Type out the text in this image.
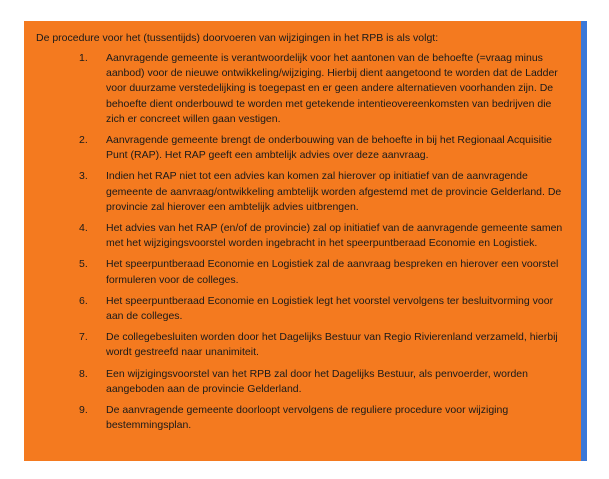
De procedure voor het (tussentijds) doorvoeren van wijzigingen in het RPB is als volgt:
1.	Aanvragende gemeente is verantwoordelijk voor het aantonen van de behoefte (=vraag minus aanbod) voor de nieuwe ontwikkeling/wijziging. Hierbij dient aangetoond te worden dat de Ladder voor duurzame verstedelijking is toegepast en er geen andere alternatieven voorhanden zijn. De behoefte dient onderbouwd te worden met getekende intentieovereenkomsten van bedrijven die zich er concreet willen gaan vestigen.
2.	Aanvragende gemeente brengt de onderbouwing van de behoefte in bij het Regionaal Acquisitie Punt (RAP). Het RAP geeft een ambtelijk advies over deze aanvraag.
3.	Indien het RAP niet tot een advies kan komen zal hierover op initiatief van de aanvragende gemeente de aanvraag/ontwikkeling ambtelijk worden afgestemd met de provincie Gelderland. De provincie zal hierover een ambtelijk advies uitbrengen.
4.	Het advies van het RAP (en/of de provincie) zal op initiatief van de aanvragende gemeente samen met het wijzigingsvoorstel worden ingebracht in het speerpuntberaad Economie en Logistiek.
5.	Het speerpuntberaad Economie en Logistiek zal de aanvraag bespreken en hierover een voorstel formuleren voor de colleges.
6.	Het speerpuntberaad Economie en Logistiek legt het voorstel vervolgens ter besluitvorming voor aan de colleges.
7.	De collegebesluiten worden door het Dagelijks Bestuur van Regio Rivierenland verzameld, hierbij wordt gestreefd naar unanimiteit.
8.	Een wijzigingsvoorstel van het RPB zal door het Dagelijks Bestuur, als penvoerder, worden aangeboden aan de provincie Gelderland.
9.	De aanvragende gemeente doorloopt vervolgens de reguliere procedure voor wijziging bestemmingsplan.
